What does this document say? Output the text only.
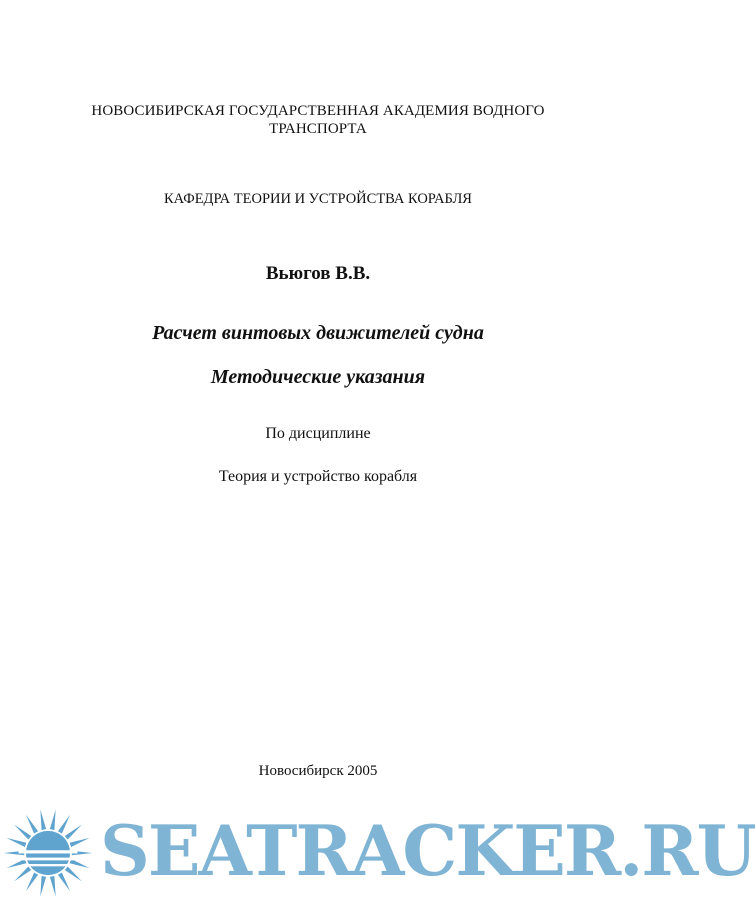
НОВОСИБИРСКАЯ ГОСУДАРСТВЕННАЯ АКАДЕМИЯ ВОДНОГО
ТРАНСПОРТА
КАФЕДРА ТЕОРИИ И УСТРОЙСТВА КОРАБЛЯ
Вьюгов В.В.
Расчет винтовых движителей судна
Методические указания
По дисциплине
Теория и устройство корабля
Новосибирск 2005
SEATRACKER.RU
